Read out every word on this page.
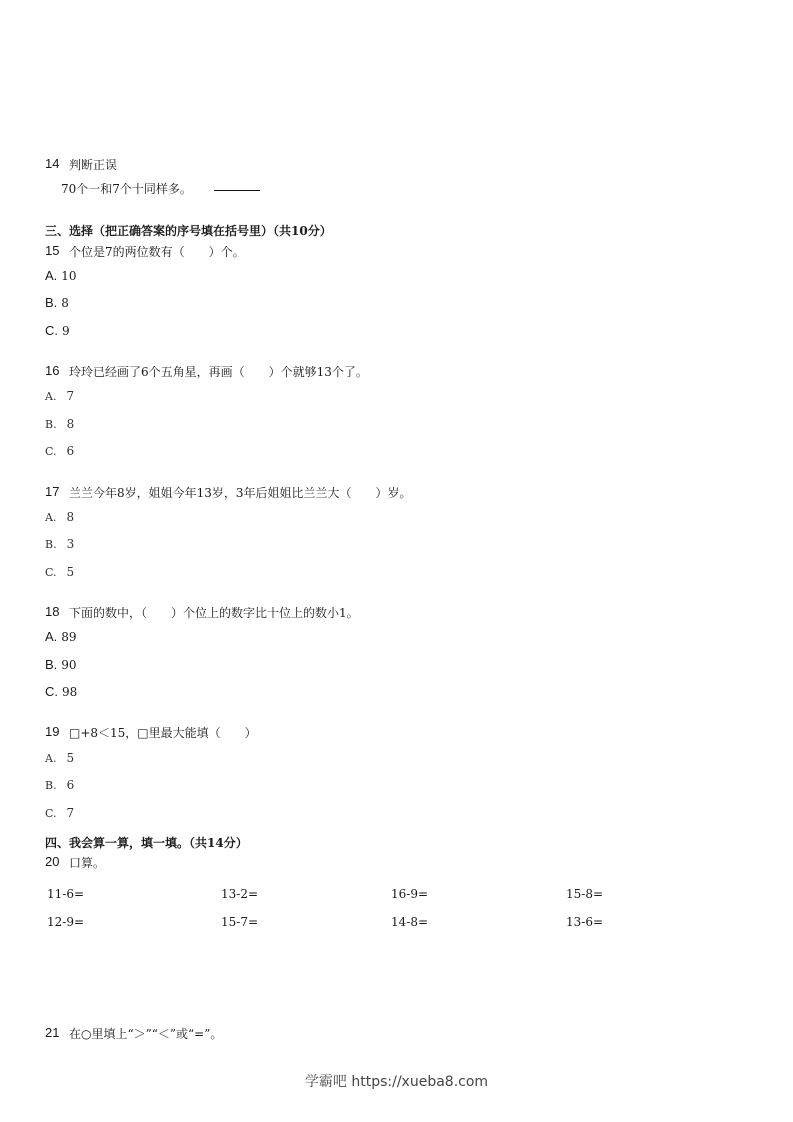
14 判断正误
70个一和7个十同样多。
三、选择（把正确答案的序号填在括号里）（共10分）
15 个位是7的两位数有（　　）个。
A. 10
B. 8
C. 9
16 玲玲已经画了6个五角星，再画（　　）个就够13个了。
A. 7
B. 8
C. 6
17 兰兰今年8岁，姐姐今年13岁，3年后姐姐比兰兰大（　　）岁。
A. 8
B. 3
C. 5
18 下面的数中，（　　）个位上的数字比十位上的数小1。
A. 89
B. 90
C. 98
19 □+8＜15，□里最大能填（　　）
A. 5
B. 6
C. 7
四、我会算一算，填一填。（共14分）
20 口算。
11-6=	13-2=	16-9=	15-8=
12-9=	15-7=	14-8=	13-6=
21 在○里填上“＞”“＜”或“=”。
学霸吧 https://xueba8.com
